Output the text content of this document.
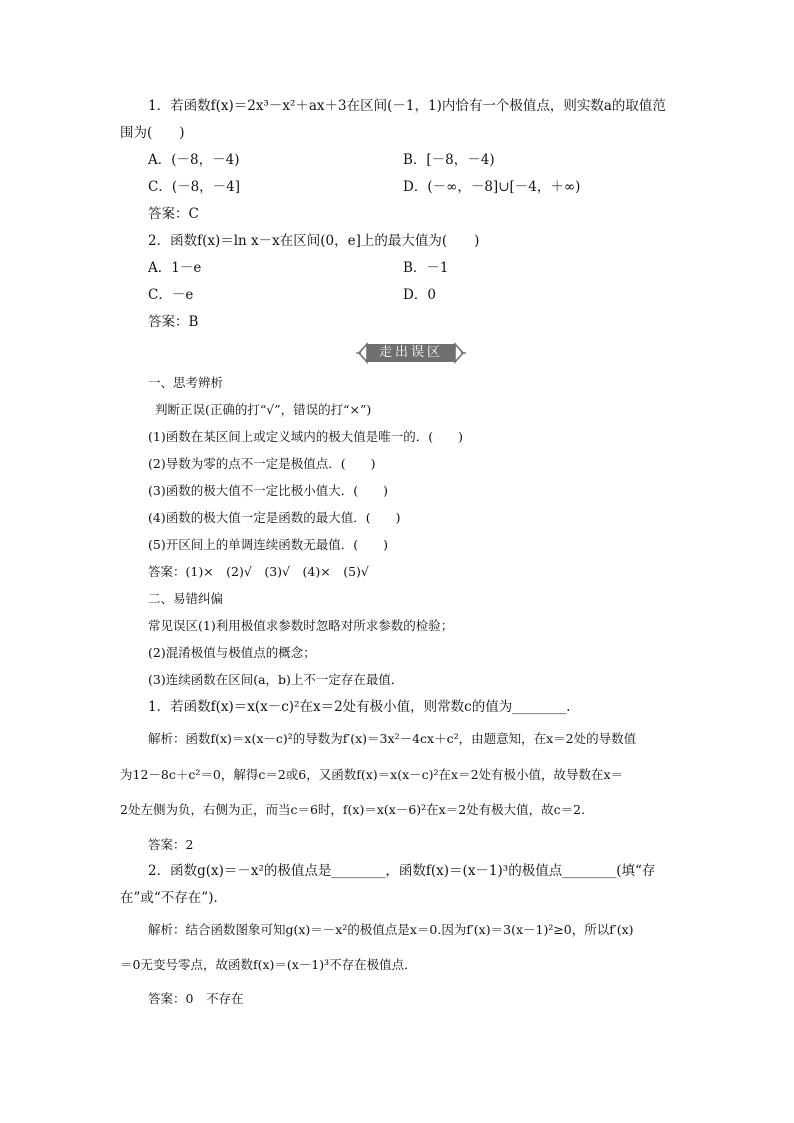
1．若函数f(x)＝2x³－x²＋ax＋3在区间(－1，1)内恰有一个极值点，则实数a的取值范
围为(　　)
A．(－8，－4)	B．[－8，－4)
C．(－8，－4]	D．(－∞，－8]∪[－4，＋∞)
答案：C
2．函数f(x)＝ln x－x在区间(0，e]上的最大值为(　　)
A．1－e	B．－1
C．－e	D．0
答案：B
走出误区
一、思考辨析
判断正误(正确的打“√”，错误的打“×”)
(1)函数在某区间上或定义域内的极大值是唯一的．(　　)
(2)导数为零的点不一定是极值点．(　　)
(3)函数的极大值不一定比极小值大．(　　)
(4)函数的极大值一定是函数的最大值．(　　)
(5)开区间上的单调连续函数无最值．(　　)
答案：(1)×　(2)√　(3)√　(4)×　(5)√
二、易错纠偏
常见误区(1)利用极值求参数时忽略对所求参数的检验；
(2)混淆极值与极值点的概念；
(3)连续函数在区间(a，b)上不一定存在最值．
1．若函数f(x)＝x(x－c)²在x＝2处有极小值，则常数c的值为________．
解析：函数f(x)＝x(x－c)²的导数为f′(x)＝3x²－4cx＋c²，由题意知，在x＝2处的导数值
为12－8c＋c²＝0，解得c＝2或6，又函数f(x)＝x(x－c)²在x＝2处有极小值，故导数在x＝
2处左侧为负，右侧为正，而当c＝6时，f(x)＝x(x－6)²在x＝2处有极大值，故c＝2.
答案：2
2．函数g(x)＝－x²的极值点是________，函数f(x)＝(x－1)³的极值点________(填“存
在”或“不存在”)．
解析：结合函数图象可知g(x)＝－x²的极值点是x＝0.因为f′(x)＝3(x－1)²≥0，所以f′(x)
＝0无变号零点，故函数f(x)＝(x－1)³不存在极值点．
答案：0　不存在
